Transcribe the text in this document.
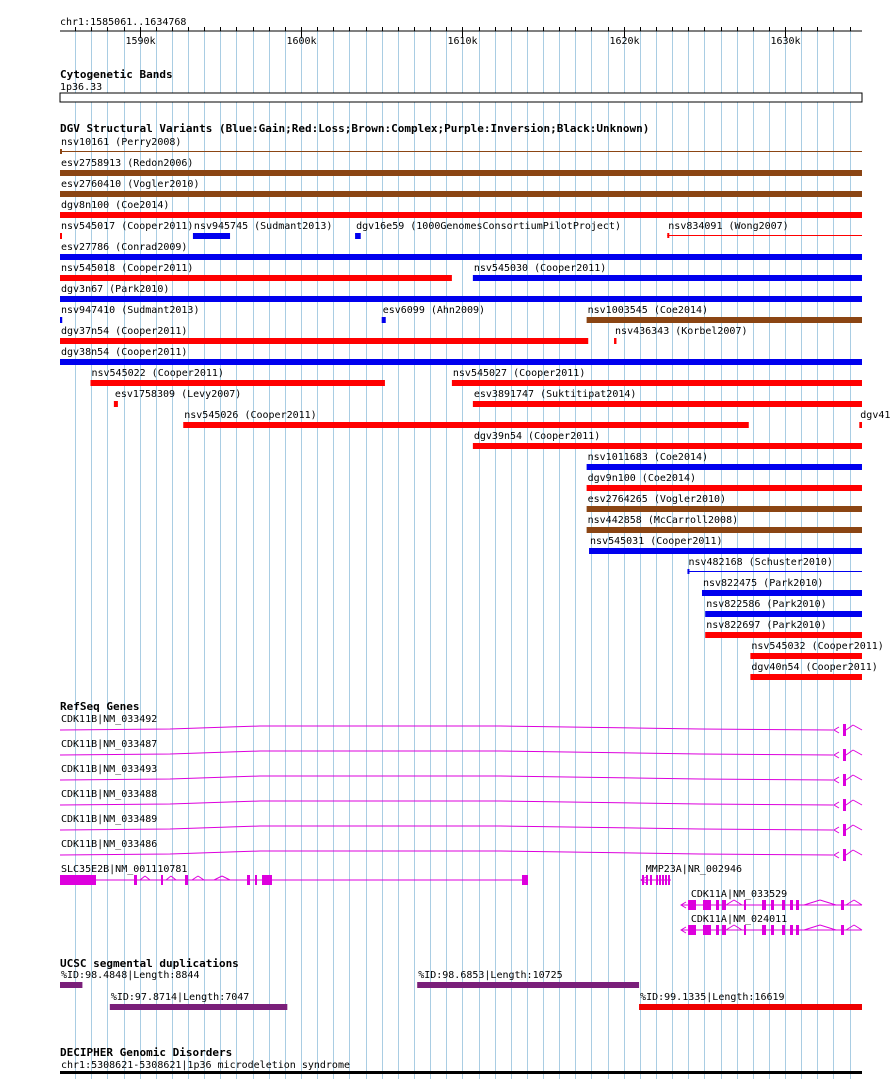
chr1:1585061..1634768
1590k	1600k	1610k	1620k	1630k
Cytogenetic Bands
1p36.33
DGV Structural Variants (Blue:Gain;Red:Loss;Brown:Complex;Purple:Inversion;Black:Unknown)
nsv10161 (Perry2008)
esv2758913 (Redon2006)
esv2760410 (Vogler2010)
dgv8n100 (Coe2014)
nsv545017 (Cooper2011) nsv945745 (Sudmant2013) dgv16e59 (1000GenomesConsortiumPilotProject)	nsv834091 (Wong2007)
esv27786 (Conrad2009)
nsv545018 (Cooper2011)	nsv545030 (Cooper2011)
dgv3n67 (Park2010)
nsv947410 (Sudmant2013)	esv6099 (Ahn2009)	nsv1003545 (Coe2014)
dgv37n54 (Cooper2011)	nsv436343 (Korbel2007)
dgv38n54 (Cooper2011)
nsv545022 (Cooper2011)	nsv545027 (Cooper2011)
esv1758309 (Levy2007)	esv3891747 (Suktitipat2014)
nsv545026 (Cooper2011)	dgv41
dgv39n54 (Cooper2011)
nsv1011683 (Coe2014)
dgv9n100 (Coe2014)
esv2764265 (Vogler2010)
nsv442858 (McCarroll2008)
nsv545031 (Cooper2011)
nsv482168 (Schuster2010)
nsv822475 (Park2010)
nsv822586 (Park2010)
nsv822697 (Park2010)
nsv545032 (Cooper2011)
dgv40n54 (Cooper2011)
RefSeq Genes
CDK11B|NM_033492
CDK11B|NM_033487
CDK11B|NM_033493
CDK11B|NM_033488
CDK11B|NM_033489
CDK11B|NM_033486
SLC35E2B|NM_001110781	MMP23A|NR_002946
CDK11A|NM_033529
CDK11A|NM_024011
UCSC segmental duplications
%ID:98.4848|Length:8844	%ID:98.6853|Length:10725
%ID:97.8714|Length:7047	%ID:99.1335|Length:16619
DECIPHER Genomic Disorders
chr1:5308621-5308621|1p36 microdeletion syndrome
